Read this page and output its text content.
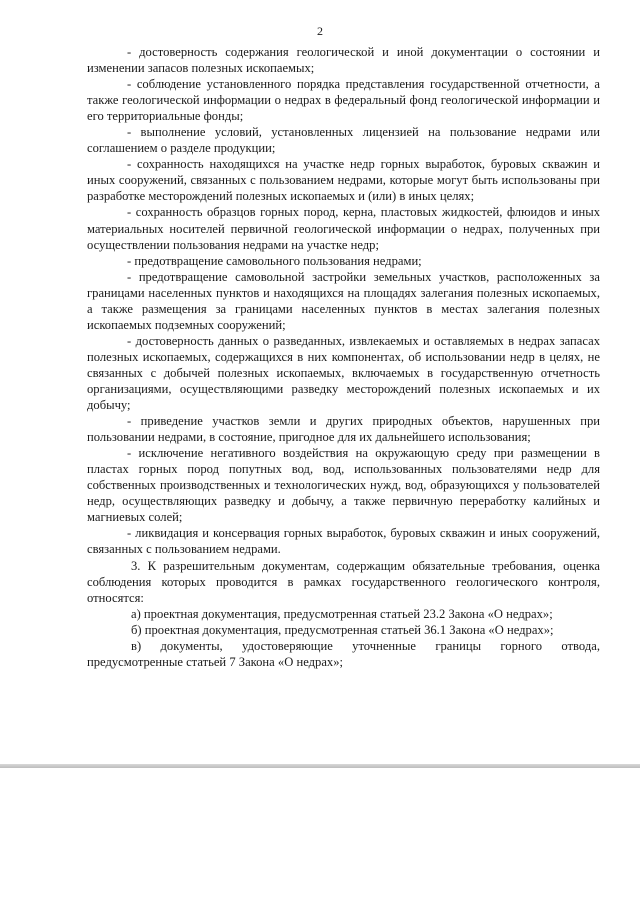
2

- достоверность содержания геологической и иной документации о состоянии и изменении запасов полезных ископаемых;

- соблюдение установленного порядка представления государственной отчетности, а также геологической информации о недрах в федеральный фонд геологической информации и его территориальные фонды;

- выполнение условий, установленных лицензией на пользование недрами или соглашением о разделе продукции;

- сохранность находящихся на участке недр горных выработок, буровых скважин и иных сооружений, связанных с пользованием недрами, которые могут быть использованы при разработке месторождений полезных ископаемых и (или) в иных целях;

- сохранность образцов горных пород, керна, пластовых жидкостей, флюидов и иных материальных носителей первичной геологической информации о недрах, полученных при осуществлении пользования недрами на участке недр;

- предотвращение самовольного пользования недрами;

- предотвращение самовольной застройки земельных участков, расположенных за границами населенных пунктов и находящихся на площадях залегания полезных ископаемых, а также размещения за границами населенных пунктов в местах залегания полезных ископаемых подземных сооружений;

- достоверность данных о разведанных, извлекаемых и оставляемых в недрах запасах полезных ископаемых, содержащихся в них компонентах, об использовании недр в целях, не связанных с добычей полезных ископаемых, включаемых в государственную отчетность организациями, осуществляющими разведку месторождений полезных ископаемых и их добычу;

- приведение участков земли и других природных объектов, нарушенных при пользовании недрами, в состояние, пригодное для их дальнейшего использования;

- исключение негативного воздействия на окружающую среду при размещении в пластах горных пород попутных вод, вод, использованных пользователями недр для собственных производственных и технологических нужд, вод, образующихся у пользователей недр, осуществляющих разведку и добычу, а также первичную переработку калийных и магниевых солей;

- ликвидация и консервация горных выработок, буровых скважин и иных сооружений, связанных с пользованием недрами.

3. К разрешительным документам, содержащим обязательные требования, оценка соблюдения которых проводится в рамках государственного геологического контроля, относятся:

а) проектная документация, предусмотренная статьей 23.2 Закона «О недрах»;

б) проектная документация, предусмотренная статьей 36.1 Закона «О недрах»;

в) документы, удостоверяющие уточненные границы горного отвода, предусмотренные статьей 7 Закона «О недрах»;
